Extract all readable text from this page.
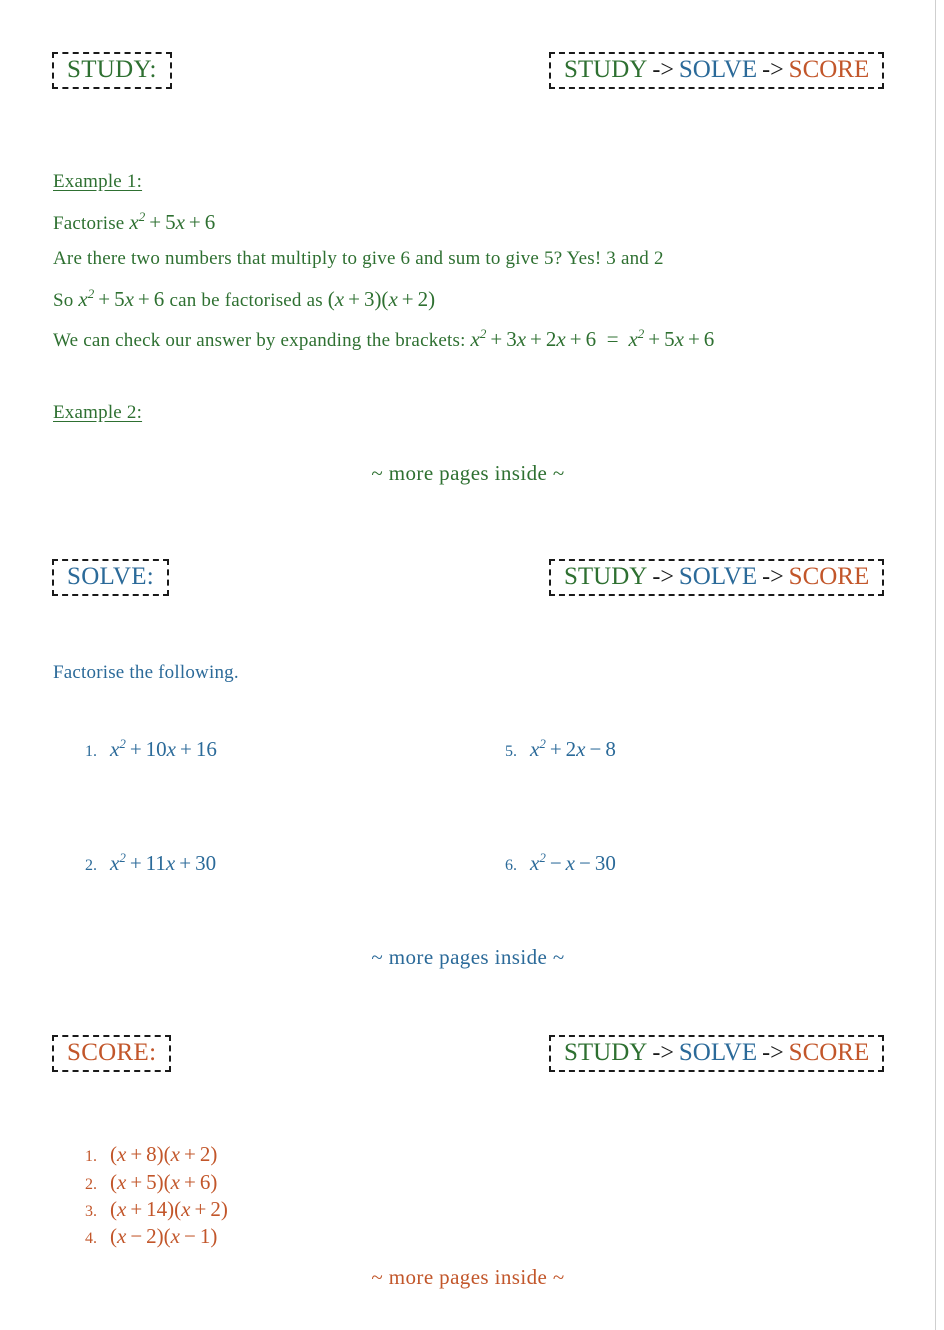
STUDY:	STUDY -> SOLVE -> SCORE
Example 1:
Factorise $x^2 + 5x + 6$
Are there two numbers that multiply to give 6 and sum to give 5? Yes! 3 and 2
So $x^2 + 5x + 6$ can be factorised as (x + 3)(x + 2)
We can check our answer by expanding the brackets: $x^2 + 3x + 2x + 6 = x^2 + 5x + 6$
Example 2:
~ more pages inside ~
SOLVE:	STUDY -> SOLVE -> SCORE
Factorise the following.
1. $x^2 + 10x + 16$	5. $x^2 + 2x - 8$
2. $x^2 + 11x + 30$	6. $x^2 - x - 30$
~ more pages inside ~
SCORE:	STUDY -> SOLVE -> SCORE
1. (x + 8)(x + 2)
2. (x + 5)(x + 6)
3. (x + 14)(x + 2)
4. (x − 2)(x − 1)
~ more pages inside ~
